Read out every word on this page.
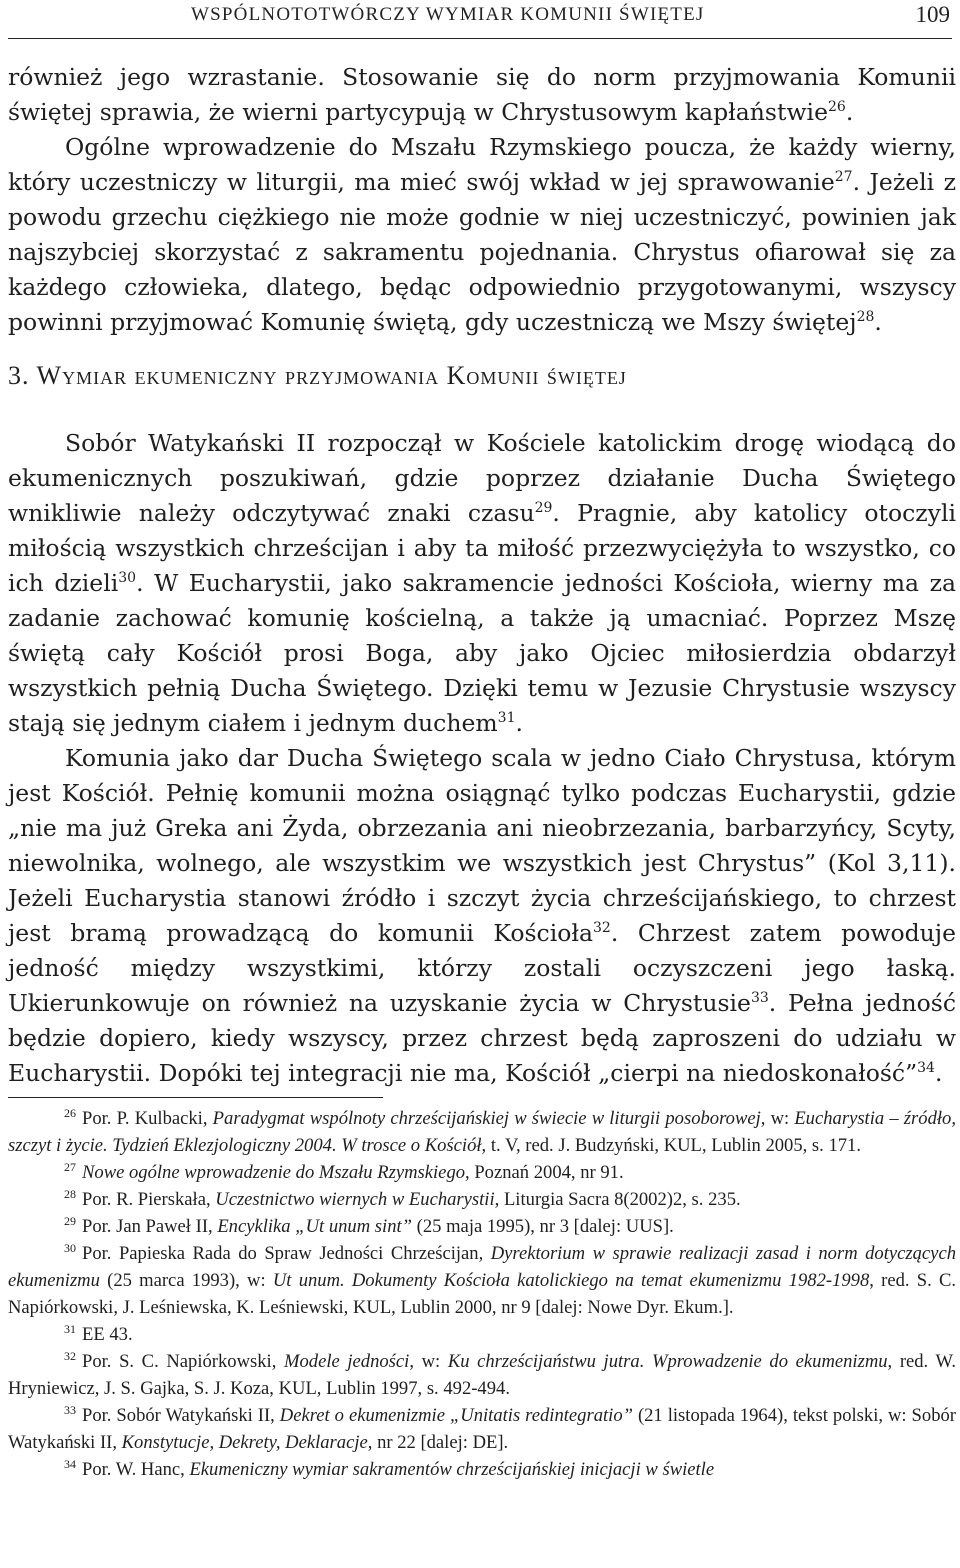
WSPÓLNOTOTWÓRCZY WYMIAR KOMUNII ŚWIĘTEJ	109

również jego wzrastanie. Stosowanie się do norm przyjmowania Komunii świętej sprawia, że wierni partycypują w Chrystusowym kapłaństwie$^{26}$.

Ogólne wprowadzenie do Mszału Rzymskiego poucza, że każdy wierny, który uczestniczy w liturgii, ma mieć swój wkład w jej sprawowanie$^{27}$. Jeżeli z powodu grzechu ciężkiego nie może godnie w niej uczestniczyć, powinien jak najszybciej skorzystać z sakramentu pojednania. Chrystus ofiarował się za każdego człowieka, dlatego, będąc odpowiednio przygotowanymi, wszyscy powinni przyjmować Komunię świętą, gdy uczestniczą we Mszy świętej$^{28}$.

3. Wymiar ekumeniczny przyjmowania Komunii świętej

Sobór Watykański II rozpoczął w Kościele katolickim drogę wiodącą do ekumenicznych poszukiwań, gdzie poprzez działanie Ducha Świętego wnikliwie należy odczytywać znaki czasu$^{29}$. Pragnie, aby katolicy otoczyli miłością wszystkich chrześcijan i aby ta miłość przezwyciężyła to wszystko, co ich dzieli$^{30}$. W Eucharystii, jako sakramencie jedności Kościoła, wierny ma za zadanie zachować komunię kościelną, a także ją umacniać. Poprzez Mszę świętą cały Kościół prosi Boga, aby jako Ojciec miłosierdzia obdarzył wszystkich pełnią Ducha Świętego. Dzięki temu w Jezusie Chrystusie wszyscy stają się jednym ciałem i jednym duchem$^{31}$.

Komunia jako dar Ducha Świętego scala w jedno Ciało Chrystusa, którym jest Kościół. Pełnię komunii można osiągnąć tylko podczas Eucharystii, gdzie „nie ma już Greka ani Żyda, obrzezania ani nieobrzezania, barbarzyńcy, Scyty, niewolnika, wolnego, ale wszystkim we wszystkich jest Chrystus” (Kol 3,11). Jeżeli Eucharystia stanowi źródło i szczyt życia chrześcijańskiego, to chrzest jest bramą prowadzącą do komunii Kościoła$^{32}$. Chrzest zatem powoduje jedność między wszystkimi, którzy zostali oczyszczeni jego łaską. Ukierunkowuje on również na uzyskanie życia w Chrystusie$^{33}$. Pełna jedność będzie dopiero, kiedy wszyscy, przez chrzest będą zaproszeni do udziału w Eucharystii. Dopóki tej integracji nie ma, Kościół „cierpi na niedoskonałość”$^{34}$.

$^{26}$ Por. P. Kulbacki, Paradygmat wspólnoty chrześcijańskiej w świecie w liturgii posoborowej, w: Eucharystia – źródło, szczyt i życie. Tydzień Eklezjologiczny 2004. W trosce o Kościół, t. V, red. J. Budzyński, KUL, Lublin 2005, s. 171.

$^{27}$ Nowe ogólne wprowadzenie do Mszału Rzymskiego, Poznań 2004, nr 91.

$^{28}$ Por. R. Pierskała, Uczestnictwo wiernych w Eucharystii, Liturgia Sacra 8(2002)2, s. 235.

$^{29}$ Por. Jan Paweł II, Encyklika „Ut unum sint” (25 maja 1995), nr 3 [dalej: UUS].

$^{30}$ Por. Papieska Rada do Spraw Jedności Chrześcijan, Dyrektorium w sprawie realizacji zasad i norm dotyczących ekumenizmu (25 marca 1993), w: Ut unum. Dokumenty Kościoła katolickiego na temat ekumenizmu 1982-1998, red. S. C. Napiórkowski, J. Leśniewska, K. Leśniewski, KUL, Lublin 2000, nr 9 [dalej: Nowe Dyr. Ekum.].

$^{31}$ EE 43.

$^{32}$ Por. S. C. Napiórkowski, Modele jedności, w: Ku chrześcijaństwu jutra. Wprowadzenie do ekumenizmu, red. W. Hryniewicz, J. S. Gajka, S. J. Koza, KUL, Lublin 1997, s. 492-494.

$^{33}$ Por. Sobór Watykański II, Dekret o ekumenizmie „Unitatis redintegratio” (21 listopada 1964), tekst polski, w: Sobór Watykański II, Konstytucje, Dekrety, Deklaracje, nr 22 [dalej: DE].

$^{34}$ Por. W. Hanc, Ekumeniczny wymiar sakramentów chrześcijańskiej inicjacji w świetle
